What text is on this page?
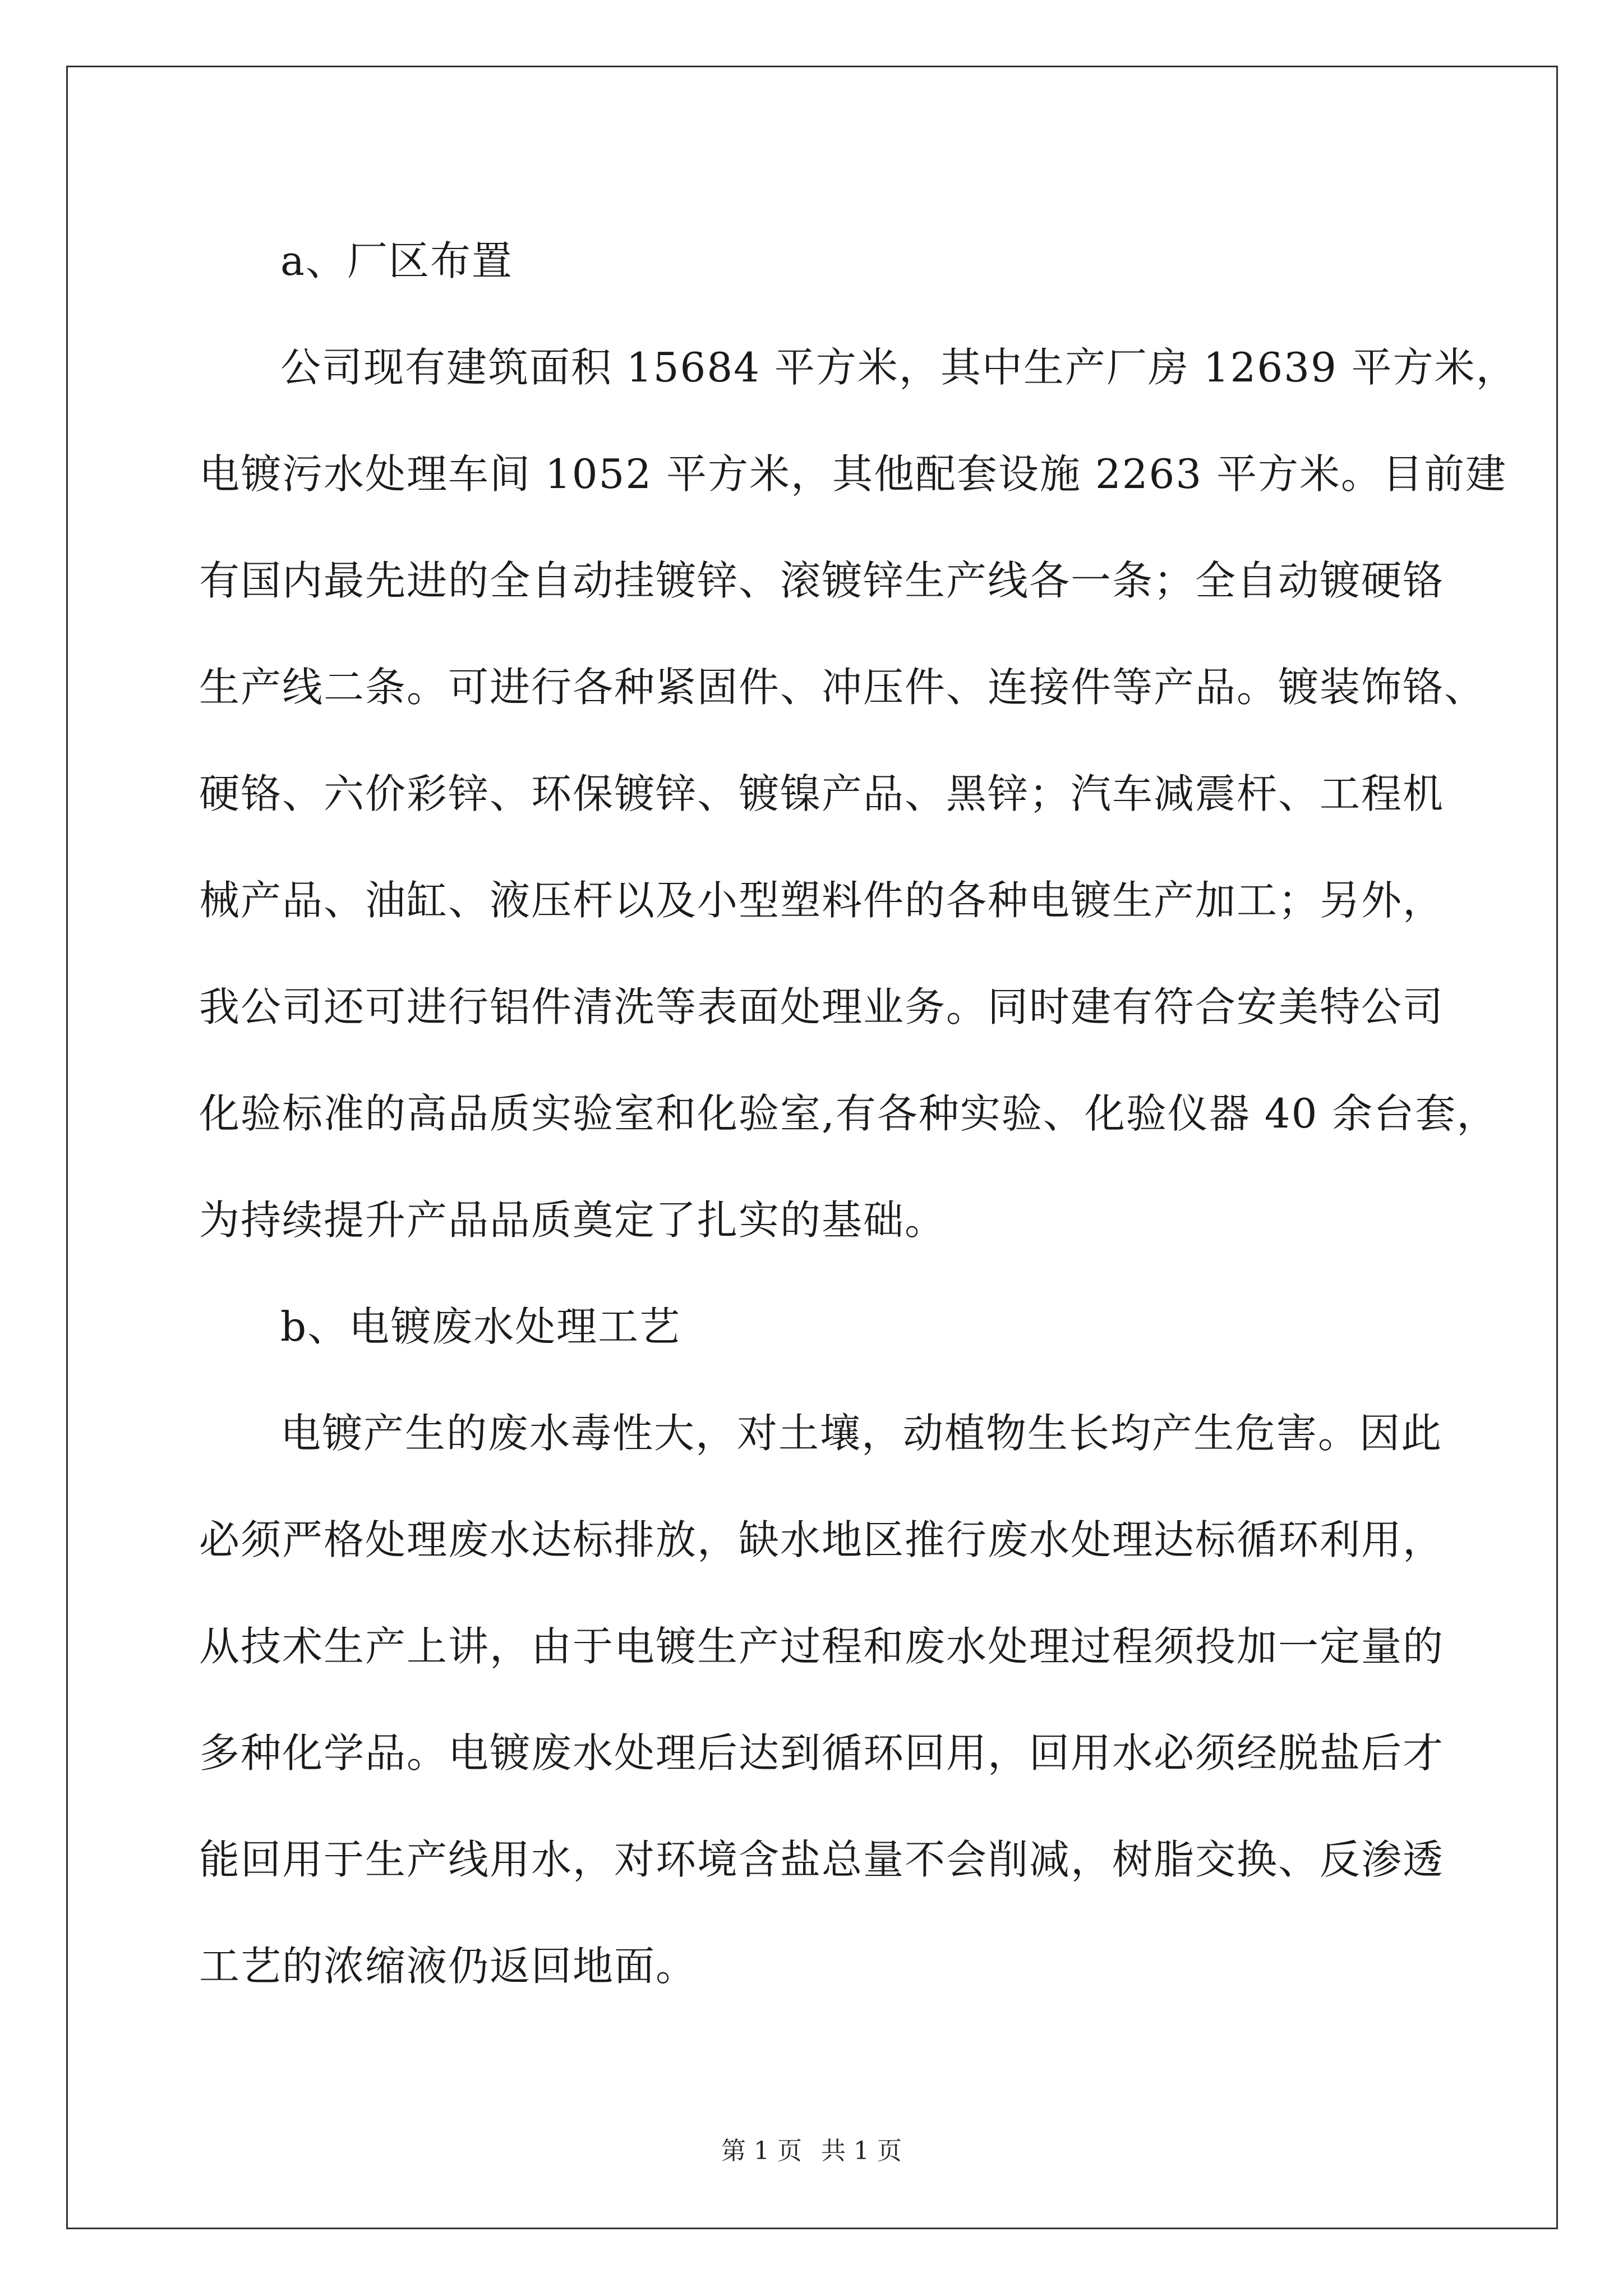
a、厂区布置
公司现有建筑面积 15684 平方米，其中生产厂房 12639 平方米，
电镀污水处理车间 1052 平方米，其他配套设施 2263 平方米。目前建
有国内最先进的全自动挂镀锌、滚镀锌生产线各一条；全自动镀硬铬
生产线二条。可进行各种紧固件、冲压件、连接件等产品。镀装饰铬、
硬铬、六价彩锌、环保镀锌、镀镍产品、黑锌；汽车减震杆、工程机
械产品、油缸、液压杆以及小型塑料件的各种电镀生产加工；另外，
我公司还可进行铝件清洗等表面处理业务。同时建有符合安美特公司
化验标准的高品质实验室和化验室,有各种实验、化验仪器 40 余台套，
为持续提升产品品质奠定了扎实的基础。
b、电镀废水处理工艺
电镀产生的废水毒性大，对土壤，动植物生长均产生危害。因此
必须严格处理废水达标排放，缺水地区推行废水处理达标循环利用，
从技术生产上讲，由于电镀生产过程和废水处理过程须投加一定量的
多种化学品。电镀废水处理后达到循环回用，回用水必须经脱盐后才
能回用于生产线用水，对环境含盐总量不会削减，树脂交换、反渗透
工艺的浓缩液仍返回地面。
第 1 页 共 1 页
